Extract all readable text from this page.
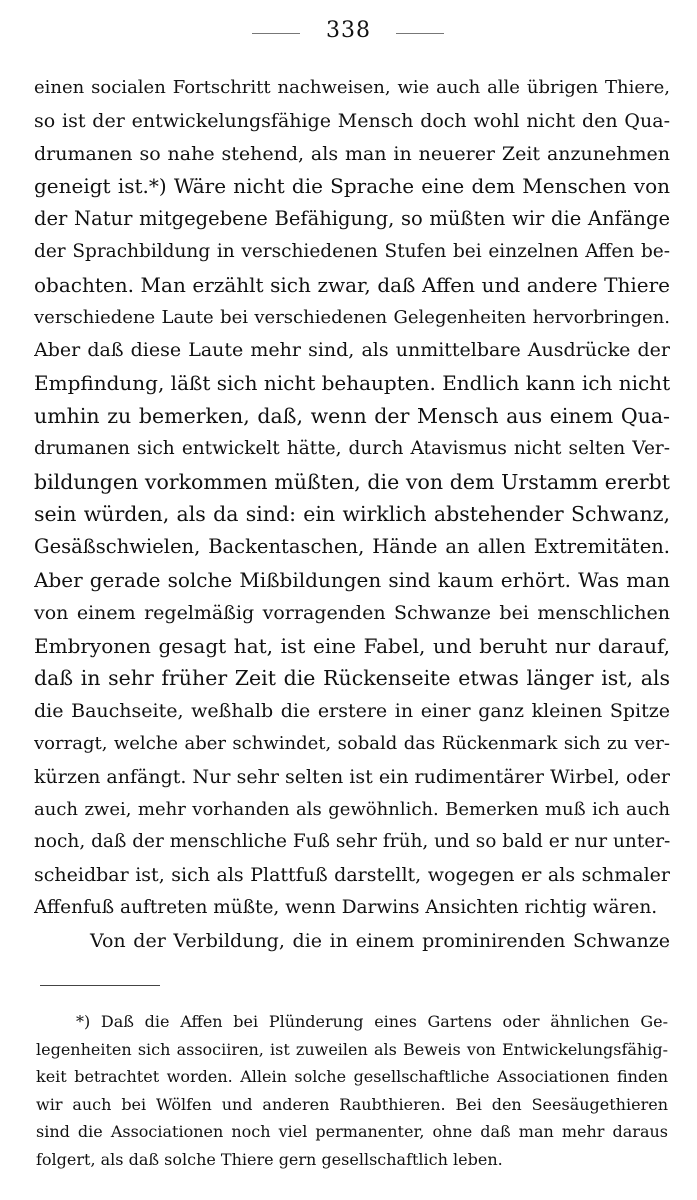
338
einen socialen Fortschritt nachweisen, wie auch alle übrigen Thiere,
so ist der entwickelungsfähige Mensch doch wohl nicht den Qua-
drumanen so nahe stehend, als man in neuerer Zeit anzunehmen
geneigt ist.*) Wäre nicht die Sprache eine dem Menschen von
der Natur mitgegebene Befähigung, so müßten wir die Anfänge
der Sprachbildung in verschiedenen Stufen bei einzelnen Affen be-
obachten. Man erzählt sich zwar, daß Affen und andere Thiere
verschiedene Laute bei verschiedenen Gelegenheiten hervorbringen.
Aber daß diese Laute mehr sind, als unmittelbare Ausdrücke der
Empfindung, läßt sich nicht behaupten. Endlich kann ich nicht
umhin zu bemerken, daß, wenn der Mensch aus einem Qua-
drumanen sich entwickelt hätte, durch Atavismus nicht selten Ver-
bildungen vorkommen müßten, die von dem Urstamm ererbt
sein würden, als da sind: ein wirklich abstehender Schwanz,
Gesäßschwielen, Backentaschen, Hände an allen Extremitäten.
Aber gerade solche Mißbildungen sind kaum erhört. Was man
von einem regelmäßig vorragenden Schwanze bei menschlichen
Embryonen gesagt hat, ist eine Fabel, und beruht nur darauf,
daß in sehr früher Zeit die Rückenseite etwas länger ist, als
die Bauchseite, weßhalb die erstere in einer ganz kleinen Spitze
vorragt, welche aber schwindet, sobald das Rückenmark sich zu ver-
kürzen anfängt. Nur sehr selten ist ein rudimentärer Wirbel, oder
auch zwei, mehr vorhanden als gewöhnlich. Bemerken muß ich auch
noch, daß der menschliche Fuß sehr früh, und so bald er nur unter-
scheidbar ist, sich als Plattfuß darstellt, wogegen er als schmaler
Affenfuß auftreten müßte, wenn Darwins Ansichten richtig wären.
Von der Verbildung, die in einem prominirenden Schwanze
*) Daß die Affen bei Plünderung eines Gartens oder ähnlichen Ge-
legenheiten sich associiren, ist zuweilen als Beweis von Entwickelungsfähig-
keit betrachtet worden. Allein solche gesellschaftliche Associationen finden
wir auch bei Wölfen und anderen Raubthieren. Bei den Seesäugethieren
sind die Associationen noch viel permanenter, ohne daß man mehr daraus
folgert, als daß solche Thiere gern gesellschaftlich leben.
